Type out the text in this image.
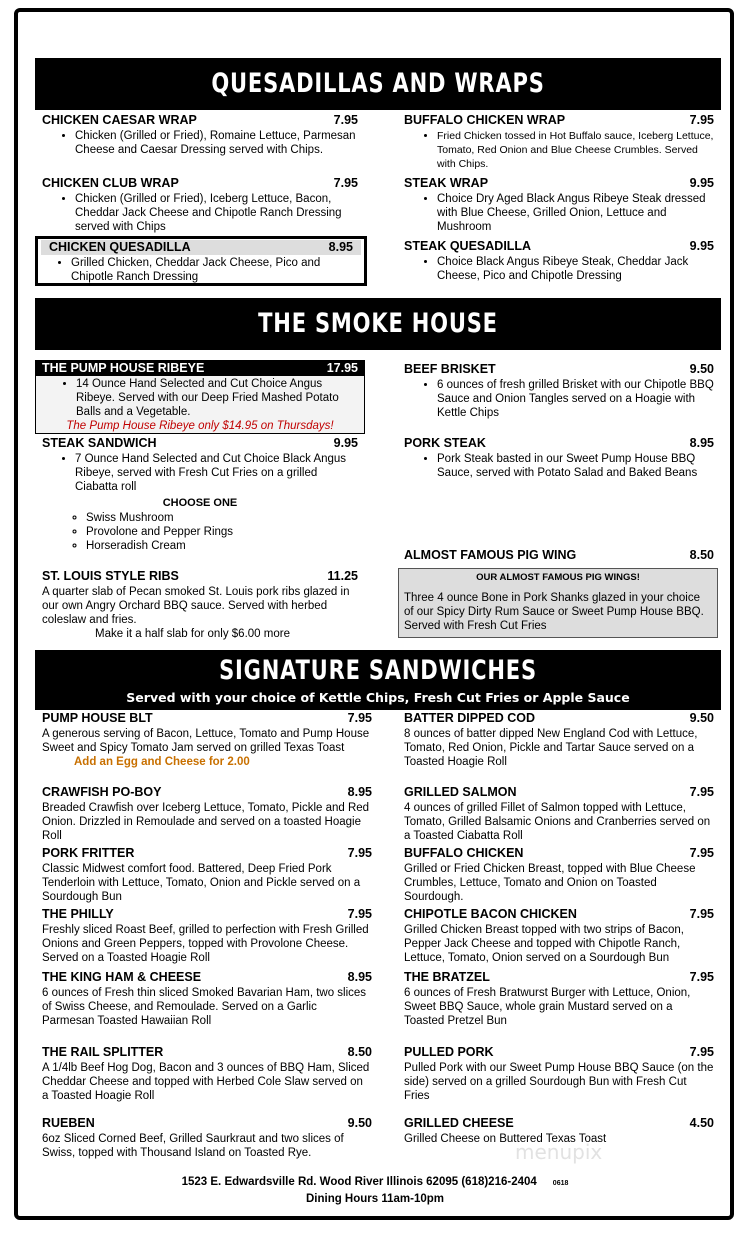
QUESADILLAS AND WRAPS
CHICKEN CAESAR WRAP	7.95
• Chicken (Grilled or Fried), Romaine Lettuce, Parmesan Cheese and Caesar Dressing served with Chips.
CHICKEN CLUB WRAP	7.95
• Chicken (Grilled or Fried), Iceberg Lettuce, Bacon, Cheddar Jack Cheese and Chipotle Ranch Dressing served with Chips
CHICKEN QUESADILLA	8.95
• Grilled Chicken, Cheddar Jack Cheese, Pico and Chipotle Ranch Dressing
BUFFALO CHICKEN WRAP	7.95
• Fried Chicken tossed in Hot Buffalo sauce, Iceberg Lettuce, Tomato, Red Onion and Blue Cheese Crumbles. Served with Chips.
STEAK WRAP	9.95
• Choice Dry Aged Black Angus Ribeye Steak dressed with Blue Cheese, Grilled Onion, Lettuce and Mushroom
STEAK QUESADILLA	9.95
• Choice Black Angus Ribeye Steak, Cheddar Jack Cheese, Pico and Chipotle Dressing
THE SMOKE HOUSE
THE PUMP HOUSE RIBEYE	17.95
• 14 Ounce Hand Selected and Cut Choice Angus Ribeye. Served with our Deep Fried Mashed Potato Balls and a Vegetable.
The Pump House Ribeye only $14.95 on Thursdays!
STEAK SANDWICH	9.95
• 7 Ounce Hand Selected and Cut Choice Black Angus Ribeye, served with Fresh Cut Fries on a grilled Ciabatta roll
CHOOSE ONE
◦ Swiss Mushroom
◦ Provolone and Pepper Rings
◦ Horseradish Cream
ST. LOUIS STYLE RIBS	11.25
A quarter slab of Pecan smoked St. Louis pork ribs glazed in our own Angry Orchard BBQ sauce. Served with herbed coleslaw and fries.
Make it a half slab for only $6.00 more
BEEF BRISKET	9.50
• 6 ounces of fresh grilled Brisket with our Chipotle BBQ Sauce and Onion Tangles served on a Hoagie with Kettle Chips
PORK STEAK	8.95
• Pork Steak basted in our Sweet Pump House BBQ Sauce, served with Potato Salad and Baked Beans
ALMOST FAMOUS PIG WING	8.50
OUR ALMOST FAMOUS PIG WINGS!
Three 4 ounce Bone in Pork Shanks glazed in your choice of our Spicy Dirty Rum Sauce or Sweet Pump House BBQ. Served with Fresh Cut Fries
SIGNATURE SANDWICHES
Served with your choice of Kettle Chips, Fresh Cut Fries or Apple Sauce
PUMP HOUSE BLT	7.95
A generous serving of Bacon, Lettuce, Tomato and Pump House Sweet and Spicy Tomato Jam served on grilled Texas Toast
Add an Egg and Cheese for 2.00
CRAWFISH PO-BOY	8.95
Breaded Crawfish over Iceberg Lettuce, Tomato, Pickle and Red Onion. Drizzled in Remoulade and served on a toasted Hoagie Roll
PORK FRITTER	7.95
Classic Midwest comfort food. Battered, Deep Fried Pork Tenderloin with Lettuce, Tomato, Onion and Pickle served on a Sourdough Bun
THE PHILLY	7.95
Freshly sliced Roast Beef, grilled to perfection with Fresh Grilled Onions and Green Peppers, topped with Provolone Cheese. Served on a Toasted Hoagie Roll
THE KING HAM & CHEESE	8.95
6 ounces of Fresh thin sliced Smoked Bavarian Ham, two slices of Swiss Cheese, and Remoulade. Served on a Garlic Parmesan Toasted Hawaiian Roll
THE RAIL SPLITTER	8.50
A 1/4lb Beef Hog Dog, Bacon and 3 ounces of BBQ Ham, Sliced Cheddar Cheese and topped with Herbed Cole Slaw served on a Toasted Hoagie Roll
RUEBEN	9.50
6oz Sliced Corned Beef, Grilled Saurkraut and two slices of Swiss, topped with Thousand Island on Toasted Rye.
BATTER DIPPED COD	9.50
8 ounces of batter dipped New England Cod with Lettuce, Tomato, Red Onion, Pickle and Tartar Sauce served on a Toasted Hoagie Roll
GRILLED SALMON	7.95
4 ounces of grilled Fillet of Salmon topped with Lettuce, Tomato, Grilled Balsamic Onions and Cranberries served on a Toasted Ciabatta Roll
BUFFALO CHICKEN	7.95
Grilled or Fried Chicken Breast, topped with Blue Cheese Crumbles, Lettuce, Tomato and Onion on Toasted Sourdough.
CHIPOTLE BACON CHICKEN	7.95
Grilled Chicken Breast topped with two strips of Bacon, Pepper Jack Cheese and topped with Chipotle Ranch, Lettuce, Tomato, Onion served on a Sourdough Bun
THE BRATZEL	7.95
6 ounces of Fresh Bratwurst Burger with Lettuce, Onion, Sweet BBQ Sauce, whole grain Mustard served on a Toasted Pretzel Bun
PULLED PORK	7.95
Pulled Pork with our Sweet Pump House BBQ Sauce (on the side) served on a grilled Sourdough Bun with Fresh Cut Fries
GRILLED CHEESE	4.50
Grilled Cheese on Buttered Texas Toast
menupix
1523 E. Edwardsville Rd. Wood River Illinois 62095 (618)216-2404 0618
Dining Hours 11am-10pm
